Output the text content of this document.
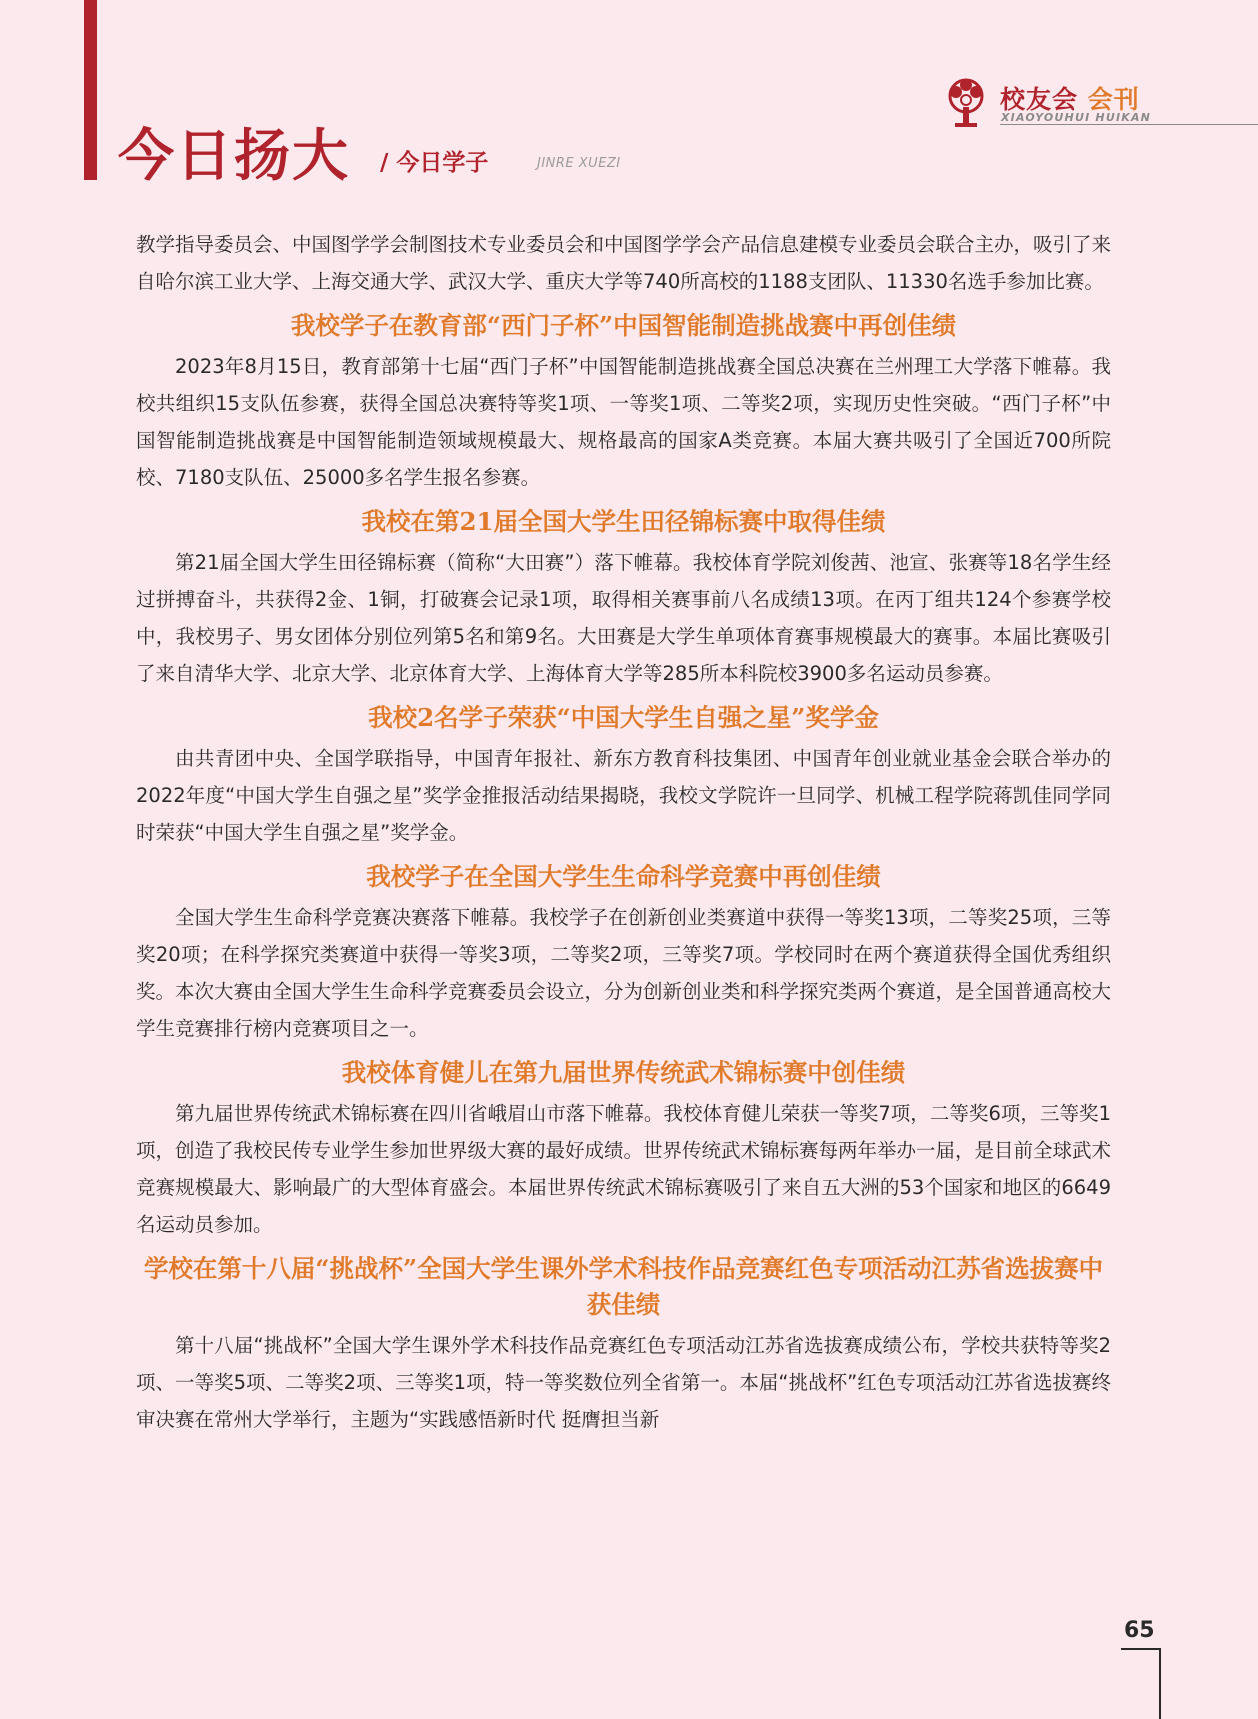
今日扬大 / 今日学子	JINRE XUEZI
校友会 会刊
XIAOYOUHUI HUIKAN

教学指导委员会、中国图学学会制图技术专业委员会和中国图学学会产品信息建模专业委员会联合主办，吸引了来自哈尔滨工业大学、上海交通大学、武汉大学、重庆大学等740所高校的1188支团队、11330名选手参加比赛。

我校学子在教育部“西门子杯”中国智能制造挑战赛中再创佳绩

2023年8月15日，教育部第十七届“西门子杯”中国智能制造挑战赛全国总决赛在兰州理工大学落下帷幕。我校共组织15支队伍参赛，获得全国总决赛特等奖1项、一等奖1项、二等奖2项，实现历史性突破。“西门子杯”中国智能制造挑战赛是中国智能制造领域规模最大、规格最高的国家A类竞赛。本届大赛共吸引了全国近700所院校、7180支队伍、25000多名学生报名参赛。

我校在第21届全国大学生田径锦标赛中取得佳绩

第21届全国大学生田径锦标赛（简称“大田赛”）落下帷幕。我校体育学院刘俊茜、池宣、张赛等18名学生经过拼搏奋斗，共获得2金、1铜，打破赛会记录1项，取得相关赛事前八名成绩13项。在丙丁组共124个参赛学校中，我校男子、男女团体分别位列第5名和第9名。大田赛是大学生单项体育赛事规模最大的赛事。本届比赛吸引了来自清华大学、北京大学、北京体育大学、上海体育大学等285所本科院校3900多名运动员参赛。

我校2名学子荣获“中国大学生自强之星”奖学金

由共青团中央、全国学联指导，中国青年报社、新东方教育科技集团、中国青年创业就业基金会联合举办的2022年度“中国大学生自强之星”奖学金推报活动结果揭晓，我校文学院许一旦同学、机械工程学院蒋凯佳同学同时荣获“中国大学生自强之星”奖学金。

我校学子在全国大学生生命科学竞赛中再创佳绩

全国大学生生命科学竞赛决赛落下帷幕。我校学子在创新创业类赛道中获得一等奖13项，二等奖25项，三等奖20项；在科学探究类赛道中获得一等奖3项，二等奖2项，三等奖7项。学校同时在两个赛道获得全国优秀组织奖。本次大赛由全国大学生生命科学竞赛委员会设立，分为创新创业类和科学探究类两个赛道，是全国普通高校大学生竞赛排行榜内竞赛项目之一。

我校体育健儿在第九届世界传统武术锦标赛中创佳绩

第九届世界传统武术锦标赛在四川省峨眉山市落下帷幕。我校体育健儿荣获一等奖7项，二等奖6项，三等奖1项，创造了我校民传专业学生参加世界级大赛的最好成绩。世界传统武术锦标赛每两年举办一届，是目前全球武术竞赛规模最大、影响最广的大型体育盛会。本届世界传统武术锦标赛吸引了来自五大洲的53个国家和地区的6649名运动员参加。

学校在第十八届“挑战杯”全国大学生课外学术科技作品竞赛红色专项活动江苏省选拔赛中获佳绩

第十八届“挑战杯”全国大学生课外学术科技作品竞赛红色专项活动江苏省选拔赛成绩公布，学校共获特等奖2项、一等奖5项、二等奖2项、三等奖1项，特一等奖数位列全省第一。本届“挑战杯”红色专项活动江苏省选拔赛终审决赛在常州大学举行，主题为“实践感悟新时代 挺膺担当新

65
